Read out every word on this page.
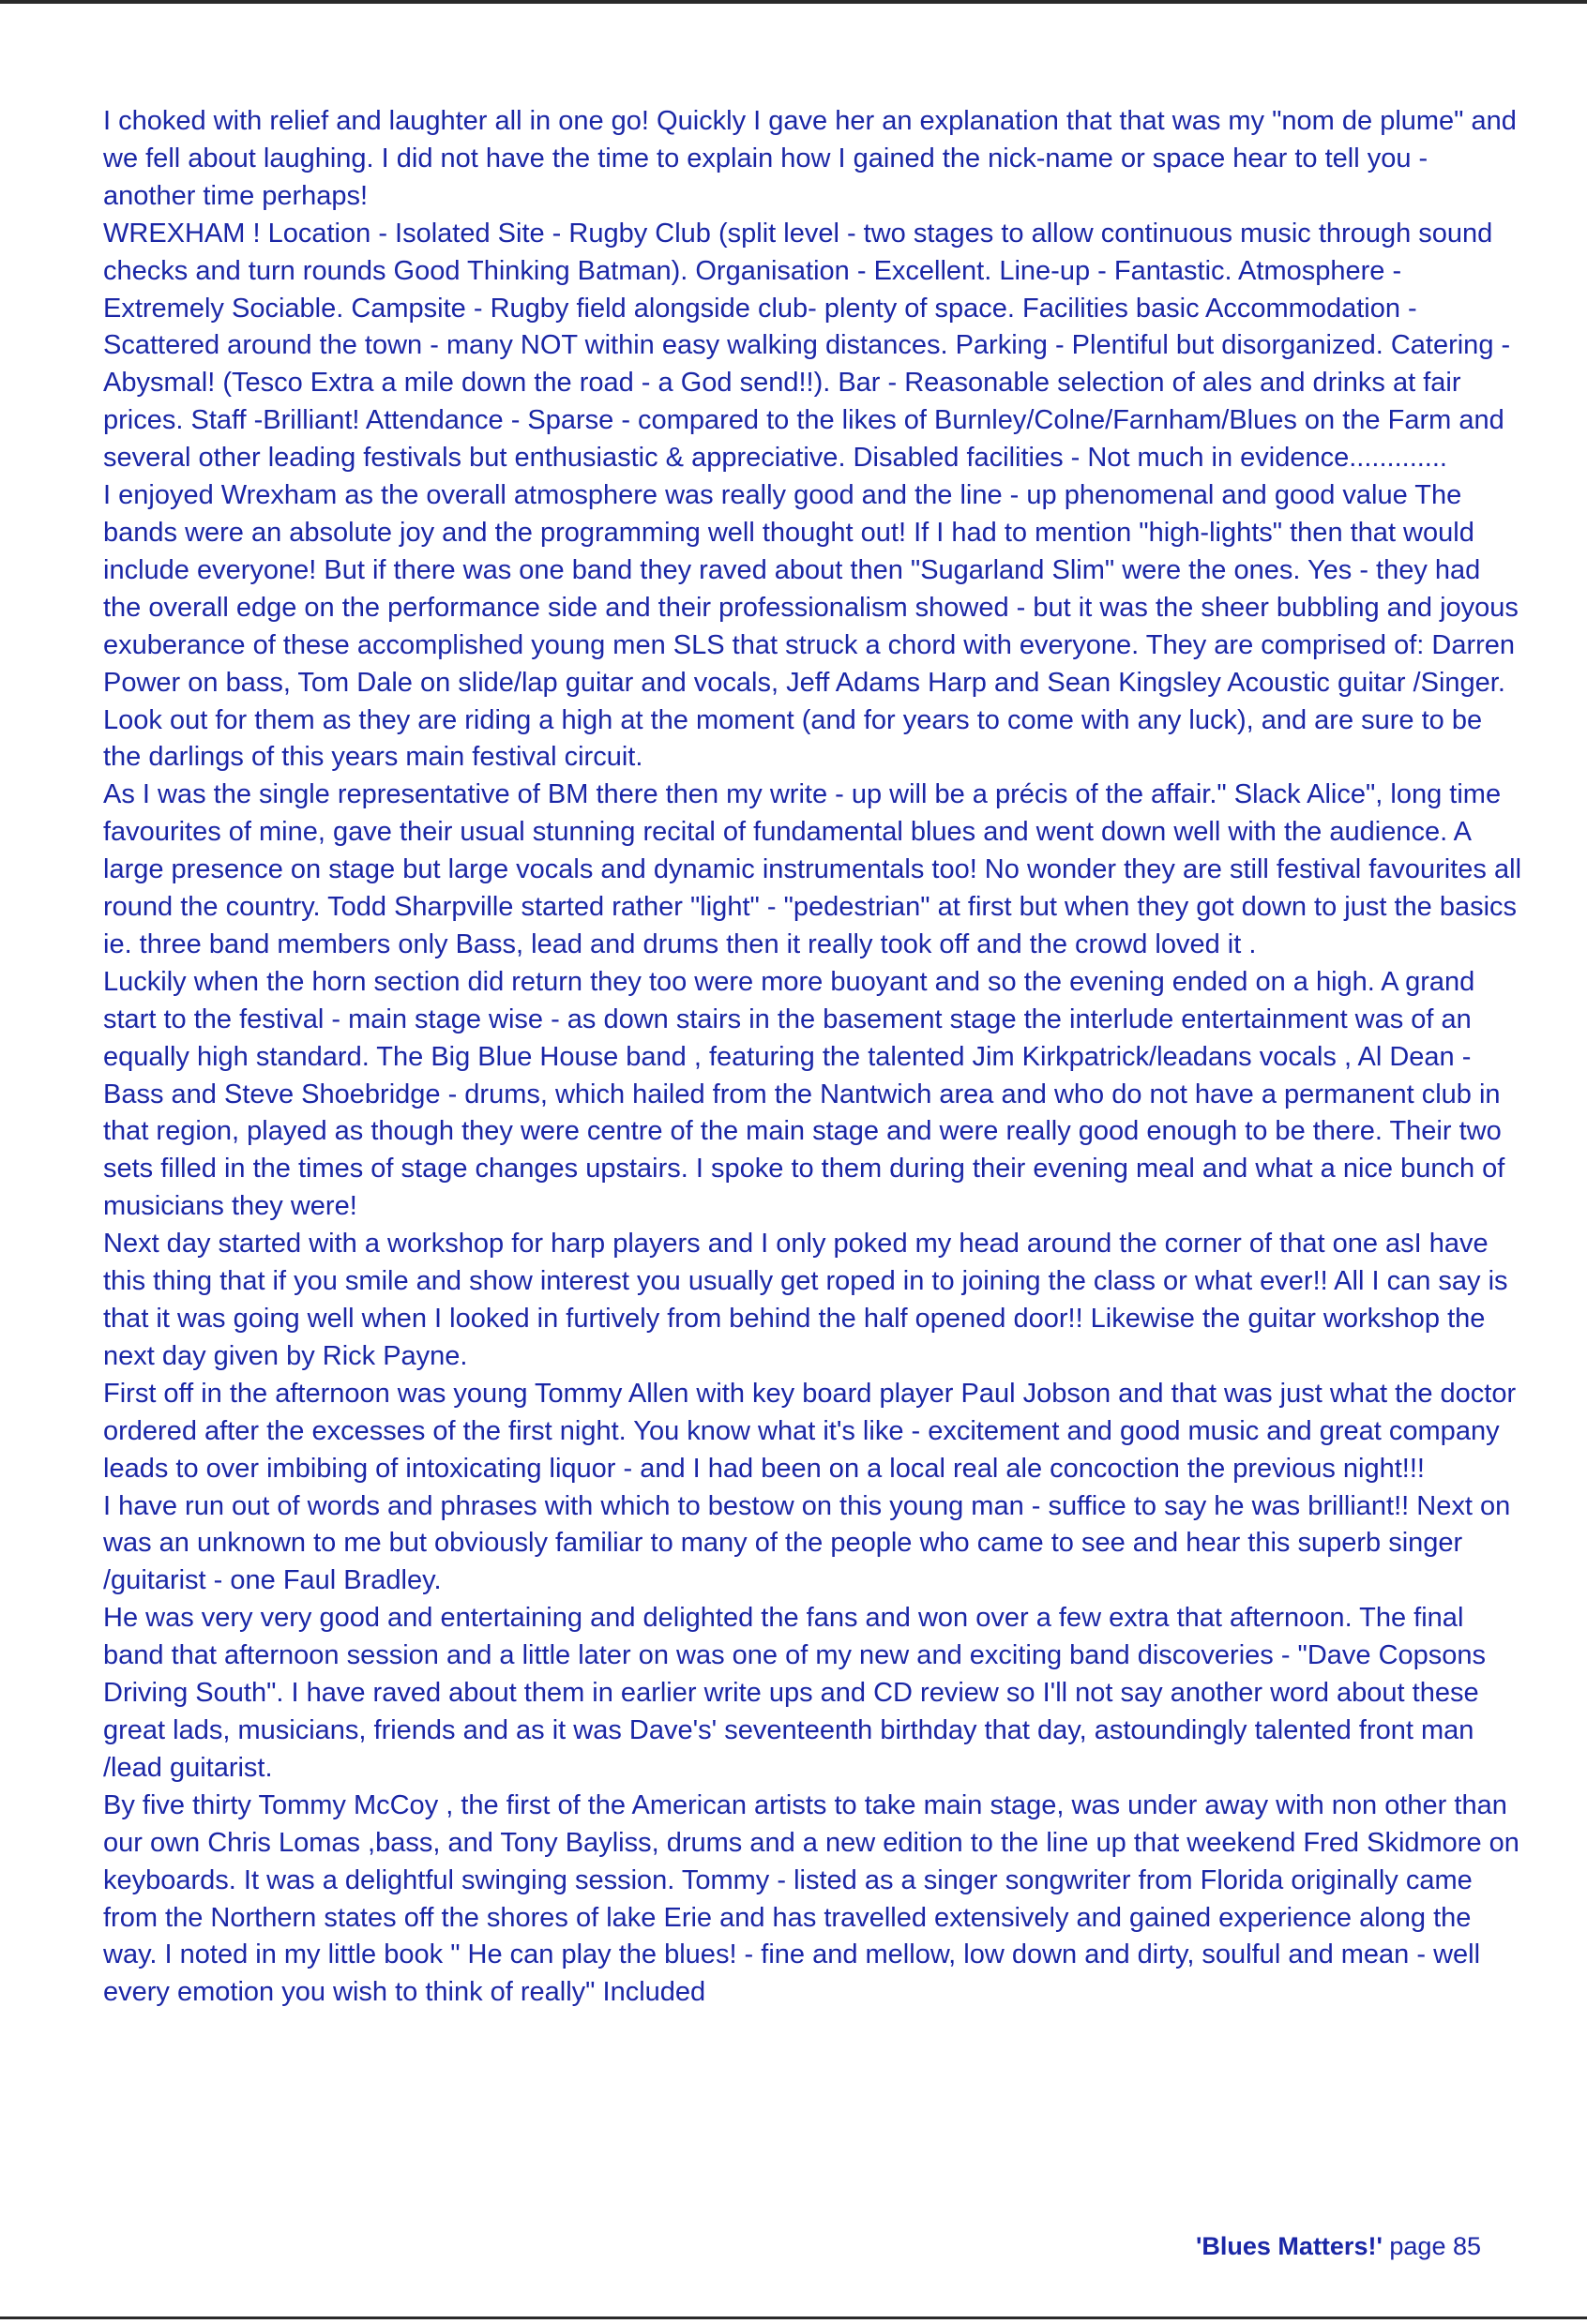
I choked with relief and laughter all in one go! Quickly I gave her an explanation that that was my "nom de plume" and we fell about laughing. I did not have the time to explain how I gained the nick-name or space hear to tell you - another time perhaps!

WREXHAM ! Location - Isolated Site - Rugby Club (split level - two stages to allow continuous music through sound checks and turn rounds Good Thinking Batman). Organisation - Excellent. Line-up - Fantastic. Atmosphere - Extremely Sociable. Campsite - Rugby field alongside club- plenty of space. Facilities basic Accommodation - Scattered around the town - many NOT within easy walking distances. Parking - Plentiful but disorganized. Catering - Abysmal! (Tesco Extra a mile down the road - a God send!!). Bar - Reasonable selection of ales and drinks at fair prices. Staff -Brilliant! Attendance - Sparse - compared to the likes of Burnley/Colne/Farnham/Blues on the Farm and several other leading festivals but enthusiastic & appreciative. Disabled facilities - Not much in evidence.............

I enjoyed Wrexham as the overall atmosphere was really good and the line - up phenomenal and good value The bands were an absolute joy and the programming well thought out! If I had to mention "high-lights" then that would include everyone! But if there was one band they raved about then "Sugarland Slim" were the ones. Yes - they had the overall edge on the performance side and their professionalism showed - but it was the sheer bubbling and joyous exuberance of these accomplished young men SLS that struck a chord with everyone. They are comprised of: Darren Power on bass, Tom Dale on slide/lap guitar and vocals, Jeff Adams Harp and Sean Kingsley Acoustic guitar /Singer. Look out for them as they are riding a high at the moment (and for years to come with any luck), and are sure to be the darlings of this years main festival circuit.

As I was the single representative of BM there then my write - up will be a précis of the affair." Slack Alice", long time favourites of mine, gave their usual stunning recital of fundamental blues and went down well with the audience. A large presence on stage but large vocals and dynamic instrumentals too! No wonder they are still festival favourites all round the country. Todd Sharpville started rather "light" - "pedestrian" at first but when they got down to just the basics ie. three band members only Bass, lead and drums then it really took off and the crowd loved it .

Luckily when the horn section did return they too were more buoyant and so the evening ended on a high. A grand start to the festival - main stage wise - as down stairs in the basement stage the interlude entertainment was of an equally high standard. The Big Blue House band , featuring the talented Jim Kirkpatrick/leadans vocals , Al Dean -Bass and Steve Shoebridge - drums, which hailed from the Nantwich area and who do not have a permanent club in that region, played as though they were centre of the main stage and were really good enough to be there. Their two sets filled in the times of stage changes upstairs. I spoke to them during their evening meal and what a nice bunch of musicians they were!

Next day started with a workshop for harp players and I only poked my head around the corner of that one asI have this thing that if you smile and show interest you usually get roped in to joining the class or what ever!! All I can say is that it was going well when I looked in furtively from behind the half opened door!! Likewise the guitar workshop the next day given by Rick Payne.

First off in the afternoon was young Tommy Allen with key board player Paul Jobson and that was just what the doctor ordered after the excesses of the first night. You know what it's like - excitement and good music and great company leads to over imbibing of intoxicating liquor - and I had been on a local real ale concoction the previous night!!!

I have run out of words and phrases with which to bestow on this young man - suffice to say he was brilliant!! Next on was an unknown to me but obviously familiar to many of the people who came to see and hear this superb singer /guitarist - one Faul Bradley.

He was very very good and entertaining and delighted the fans and won over a few extra that afternoon. The final band that afternoon session and a little later on was one of my new and exciting band discoveries - "Dave Copsons Driving South". I have raved about them in earlier write ups and CD review so I'll not say another word about these great lads, musicians, friends and as it was Dave's' seventeenth birthday that day, astoundingly talented front man /lead guitarist.

By five thirty Tommy McCoy , the first of the American artists to take main stage, was under away with non other than our own Chris Lomas ,bass, and Tony Bayliss, drums and a new edition to the line up that weekend Fred Skidmore on keyboards. It was a delightful swinging session. Tommy - listed as a singer songwriter from Florida originally came from the Northern states off the shores of lake Erie and has travelled extensively and gained experience along the way. I noted in my little book " He can play the blues! - fine and mellow, low down and dirty, soulful and mean - well every emotion you wish to think of really" Included

'Blues Matters!' page 85
